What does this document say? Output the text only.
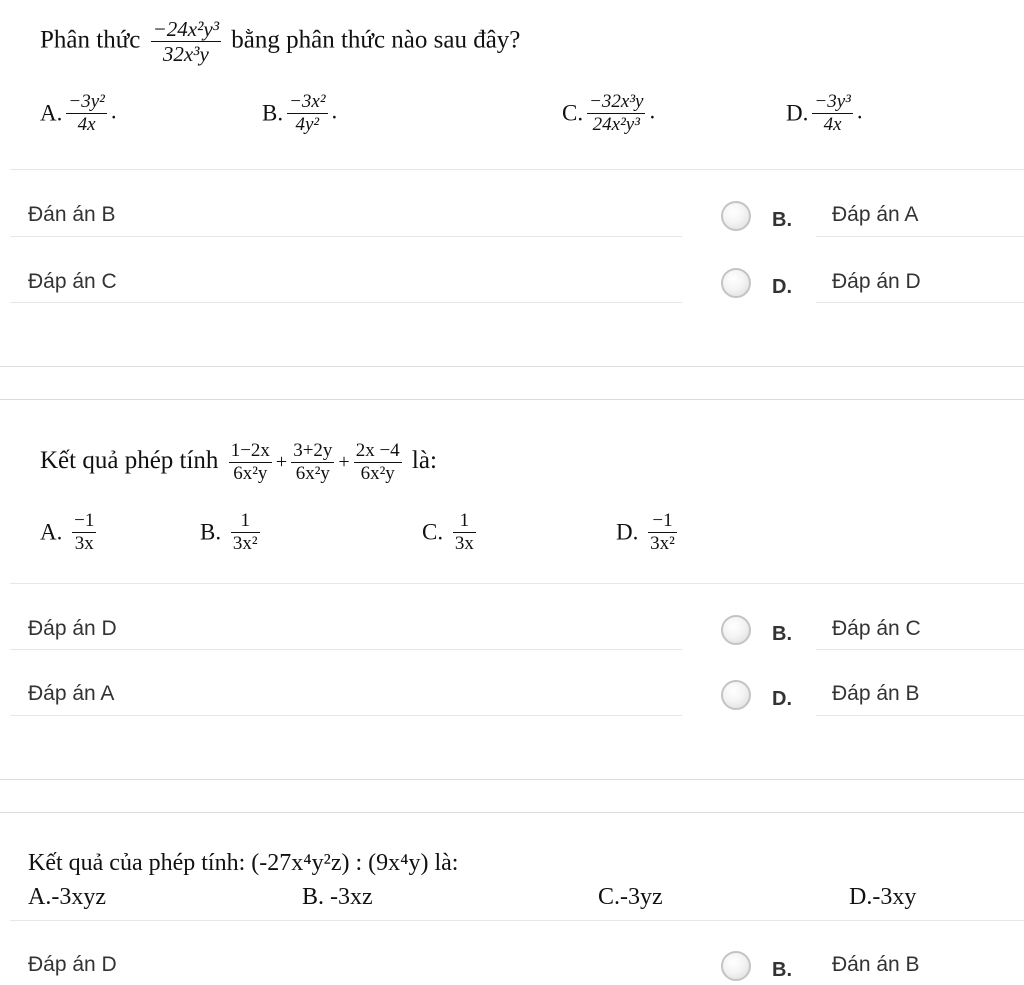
Phân thức $\frac{\text{−24x²y³}}{\text{32x³y}}$ bằng phân thức nào sau đây?
A. $\frac{\text{−3y²}}{4x}$ .	B. $\frac{\text{−3x²}}{\text{4y²}}$ .	C. $\frac{\text{−32x³y}}{\text{24x²y³}}$ .	D. $\frac{\text{−3y³}}{4x}$ .
Đán án B	B. Đáp án A
Đáp án C	D. Đáp án D
Kết quả phép tính $\frac{1-2x}{\text{6x²y}} + \frac{3+2y}{\text{6x²y}} + \frac{2x -4}{\text{6x²y}}$ là:
A. $\frac{-1}{3x}$	B. $\frac{1}{\text{3x²}}$	C. $\frac{1}{3x}$	D. $\frac{-1}{\text{3x²}}$
Đáp án D	B. Đáp án C
Đáp án A	D. Đáp án B
Kết quả của phép tính: (-27x⁴y²z) : (9x⁴y) là:
A.-3xyz	B. -3xz	C.-3yz	D.-3xy
Đáp án D	B. Đán án B
